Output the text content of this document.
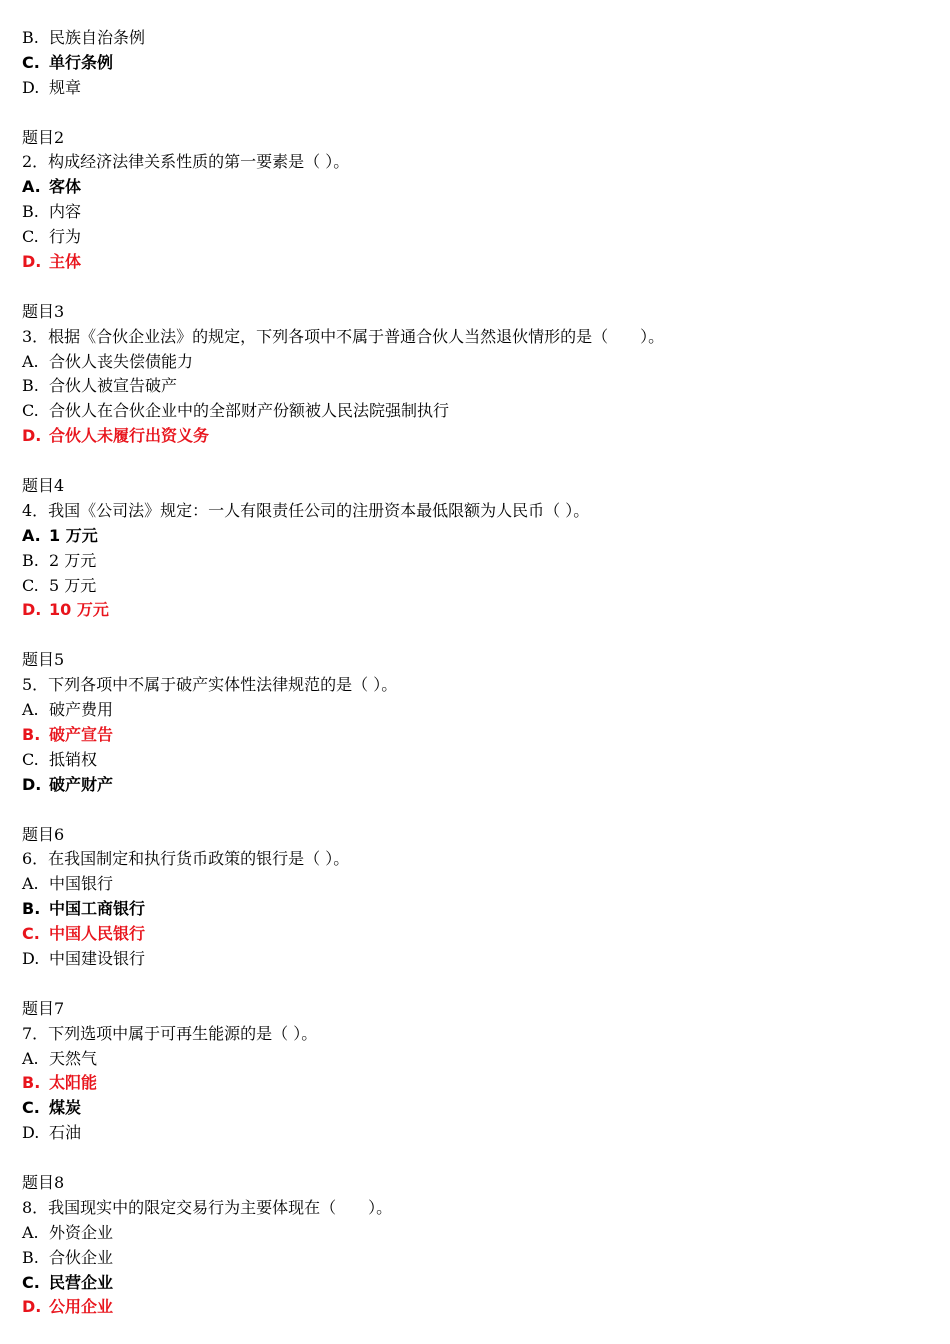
B. 民族自治条例
C. 单行条例
D. 规章
题目2
2．构成经济法律关系性质的第一要素是（ ）。
A. 客体
B. 内容
C. 行为
D. 主体
题目3
3．根据《合伙企业法》的规定，下列各项中不属于普通合伙人当然退伙情形的是（　　）。
A. 合伙人丧失偿债能力
B. 合伙人被宣告破产
C. 合伙人在合伙企业中的全部财产份额被人民法院强制执行
D. 合伙人未履行出资义务
题目4
4．我国《公司法》规定：一人有限责任公司的注册资本最低限额为人民币（ ）。
A. 1 万元
B. 2 万元
C. 5 万元
D. 10 万元
题目5
5．下列各项中不属于破产实体性法律规范的是（ ）。
A. 破产费用
B. 破产宣告
C. 抵销权
D. 破产财产
题目6
6．在我国制定和执行货币政策的银行是（ ）。
A. 中国银行
B. 中国工商银行
C. 中国人民银行
D. 中国建设银行
题目7
7．下列选项中属于可再生能源的是（ ）。
A. 天然气
B. 太阳能
C. 煤炭
D. 石油
题目8
8．我国现实中的限定交易行为主要体现在（　　）。
A. 外资企业
B. 合伙企业
C. 民营企业
D. 公用企业
